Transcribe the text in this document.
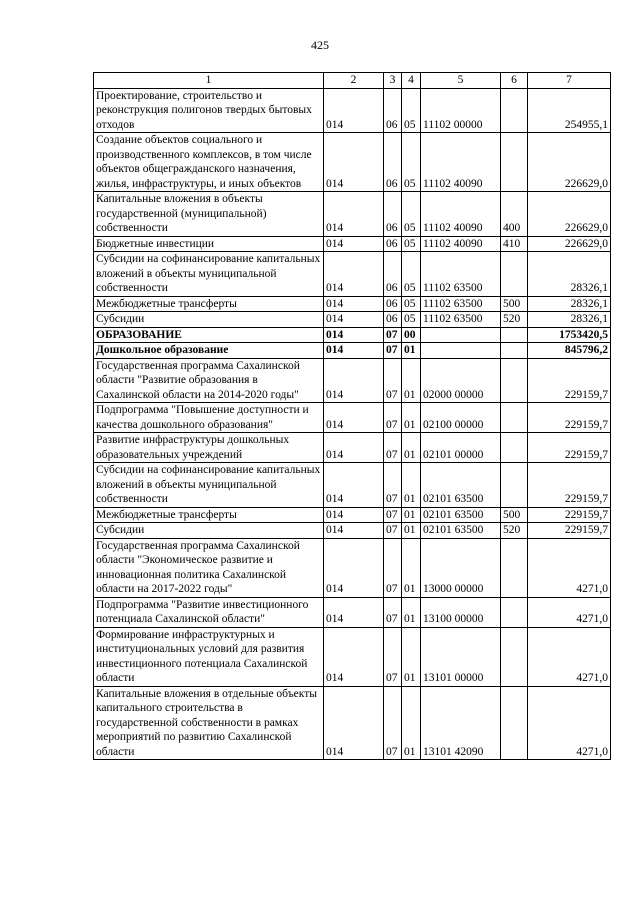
425
1	2	3	4	5	6	7
Проектирование, строительство и реконструкция полигонов твердых бытовых отходов	014	06	05	11102 00000		254955,1
Создание объектов социального и производственного комплексов, в том числе объектов общегражданского назначения, жилья, инфраструктуры, и иных объектов	014	06	05	11102 40090		226629,0
Капитальные вложения в объекты государственной (муниципальной) собственности	014	06	05	11102 40090	400	226629,0
Бюджетные инвестиции	014	06	05	11102 40090	410	226629,0
Субсидии на софинансирование капитальных вложений в объекты муниципальной собственности	014	06	05	11102 63500		28326,1
Межбюджетные трансферты	014	06	05	11102 63500	500	28326,1
Субсидии	014	06	05	11102 63500	520	28326,1
ОБРАЗОВАНИЕ	014	07	00			1753420,5
Дошкольное образование	014	07	01			845796,2
Государственная программа Сахалинской области "Развитие образования в Сахалинской области на 2014-2020 годы"	014	07	01	02000 00000		229159,7
Подпрограмма "Повышение доступности и качества дошкольного образования"	014	07	01	02100 00000		229159,7
Развитие инфраструктуры дошкольных образовательных учреждений	014	07	01	02101 00000		229159,7
Субсидии на софинансирование капитальных вложений в объекты муниципальной собственности	014	07	01	02101 63500		229159,7
Межбюджетные трансферты	014	07	01	02101 63500	500	229159,7
Субсидии	014	07	01	02101 63500	520	229159,7
Государственная программа Сахалинской области "Экономическое развитие и инновационная политика Сахалинской области на 2017-2022 годы"	014	07	01	13000 00000		4271,0
Подпрограмма "Развитие инвестиционного потенциала Сахалинской области"	014	07	01	13100 00000		4271,0
Формирование инфраструктурных и институциональных условий для развития инвестиционного потенциала Сахалинской области	014	07	01	13101 00000		4271,0
Капитальные вложения в отдельные объекты капитального строительства в государственной собственности в рамках мероприятий по развитию Сахалинской области	014	07	01	13101 42090		4271,0
